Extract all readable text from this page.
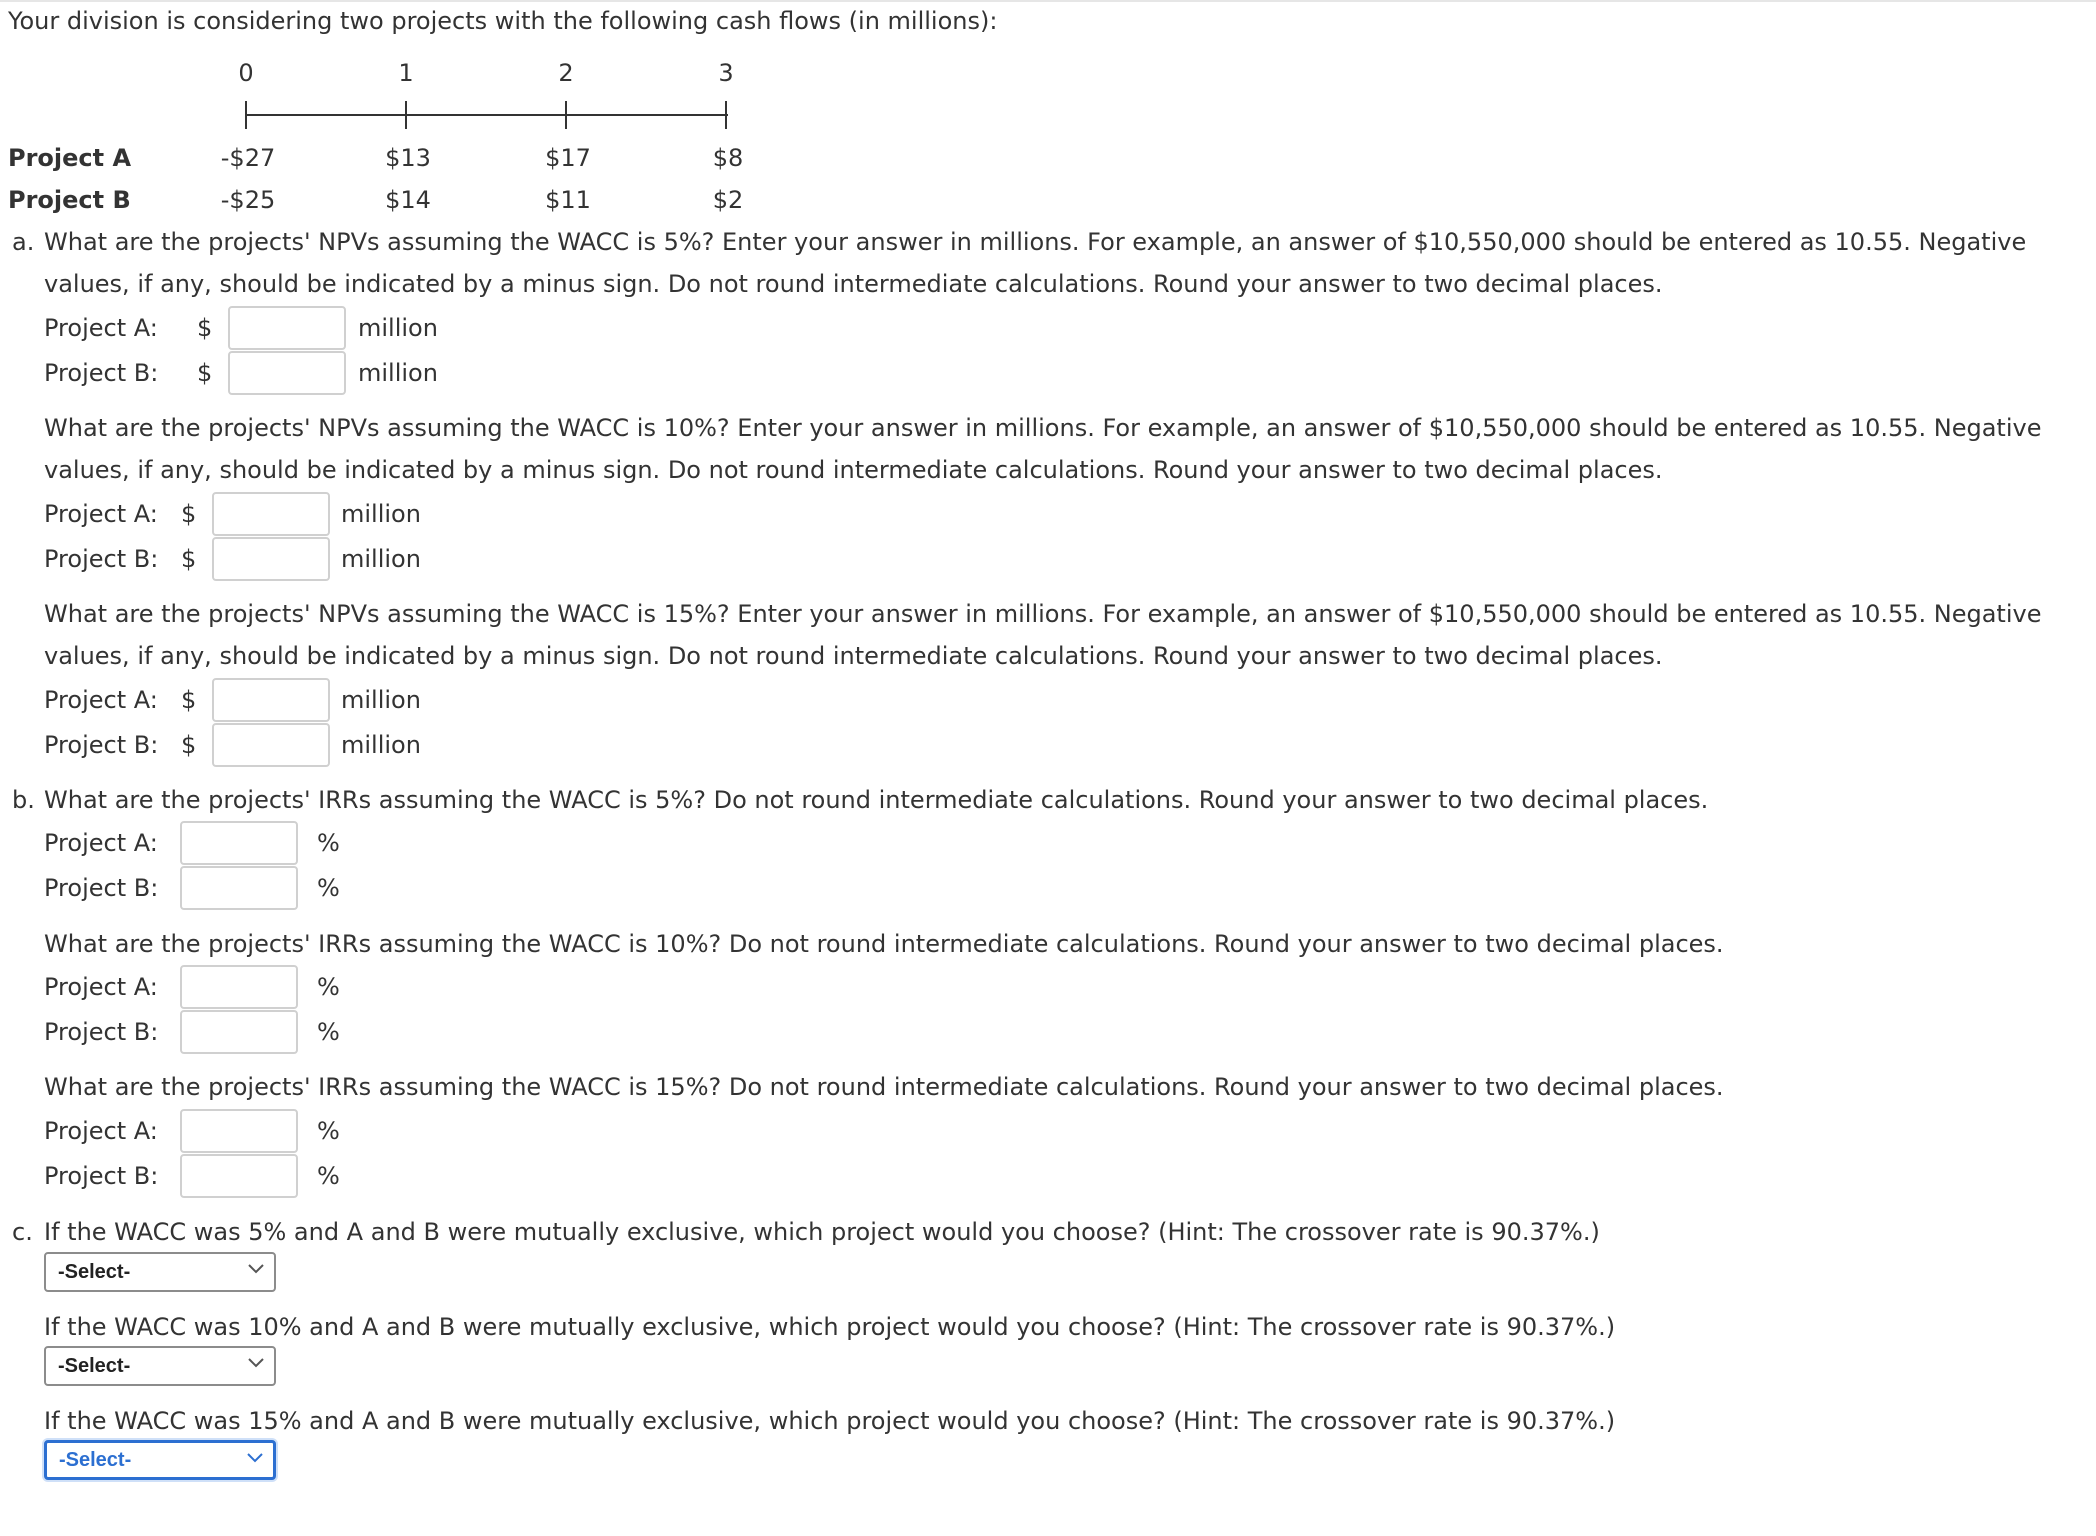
Your division is considering two projects with the following cash flows (in millions):
0	1	2	3
Project A	-$27	$13	$17	$8
Project B	-$25	$14	$11	$2
a. What are the projects' NPVs assuming the WACC is 5%? Enter your answer in millions. For example, an answer of $10,550,000 should be entered as 10.55. Negative values, if any, should be indicated by a minus sign. Do not round intermediate calculations. Round your answer to two decimal places.
Project A: $	million
Project B: $	million
What are the projects' NPVs assuming the WACC is 10%? Enter your answer in millions. For example, an answer of $10,550,000 should be entered as 10.55. Negative values, if any, should be indicated by a minus sign. Do not round intermediate calculations. Round your answer to two decimal places.
Project A: $	million
Project B: $	million
What are the projects' NPVs assuming the WACC is 15%? Enter your answer in millions. For example, an answer of $10,550,000 should be entered as 10.55. Negative values, if any, should be indicated by a minus sign. Do not round intermediate calculations. Round your answer to two decimal places.
Project A: $	million
Project B: $	million
b. What are the projects' IRRs assuming the WACC is 5%? Do not round intermediate calculations. Round your answer to two decimal places.
Project A:	%
Project B:	%
What are the projects' IRRs assuming the WACC is 10%? Do not round intermediate calculations. Round your answer to two decimal places.
Project A:	%
Project B:	%
What are the projects' IRRs assuming the WACC is 15%? Do not round intermediate calculations. Round your answer to two decimal places.
Project A:	%
Project B:	%
c. If the WACC was 5% and A and B were mutually exclusive, which project would you choose? (Hint: The crossover rate is 90.37%.)
-Select-
If the WACC was 10% and A and B were mutually exclusive, which project would you choose? (Hint: The crossover rate is 90.37%.)
-Select-
If the WACC was 15% and A and B were mutually exclusive, which project would you choose? (Hint: The crossover rate is 90.37%.)
-Select-
